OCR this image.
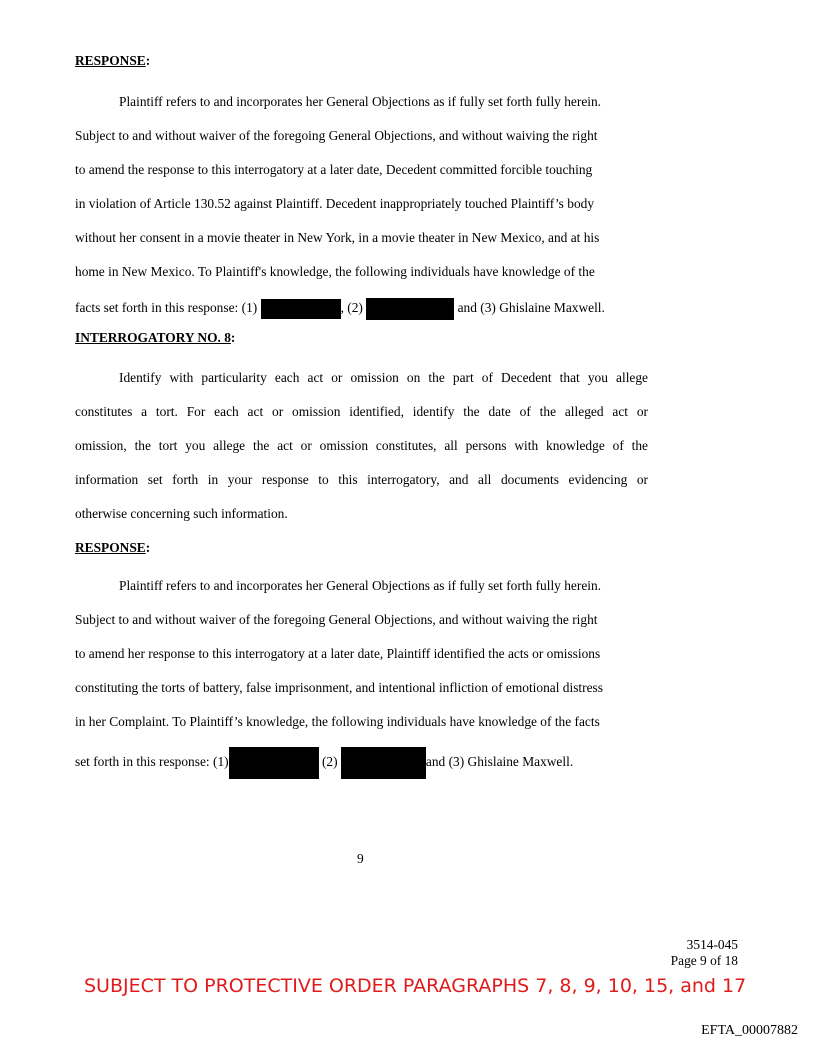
RESPONSE:
Plaintiff refers to and incorporates her General Objections as if fully set forth fully herein.
Subject to and without waiver of the foregoing General Objections, and without waiving the right
to amend the response to this interrogatory at a later date, Decedent committed forcible touching
in violation of Article 130.52 against Plaintiff. Decedent inappropriately touched Plaintiff’s body
without her consent in a movie theater in New York, in a movie theater in New Mexico, and at his
home in New Mexico. To Plaintiff's knowledge, the following individuals have knowledge of the
facts set forth in this response: (1)	, (2)	and (3) Ghislaine Maxwell.
INTERROGATORY NO. 8:
Identify with particularity each act or omission on the part of Decedent that you allege
constitutes a tort. For each act or omission identified, identify the date of the alleged act or
omission, the tort you allege the act or omission constitutes, all persons with knowledge of the
information set forth in your response to this interrogatory, and all documents evidencing or
otherwise concerning such information.
RESPONSE:
Plaintiff refers to and incorporates her General Objections as if fully set forth fully herein.
Subject to and without waiver of the foregoing General Objections, and without waiving the right
to amend her response to this interrogatory at a later date, Plaintiff identified the acts or omissions
constituting the torts of battery, false imprisonment, and intentional infliction of emotional distress
in her Complaint. To Plaintiff’s knowledge, the following individuals have knowledge of the facts
set forth in this response: (1)	(2)	and (3) Ghislaine Maxwell.
9
3514-045
Page 9 of 18
SUBJECT TO PROTECTIVE ORDER PARAGRAPHS 7, 8, 9, 10, 15, and 17
EFTA_00007882
